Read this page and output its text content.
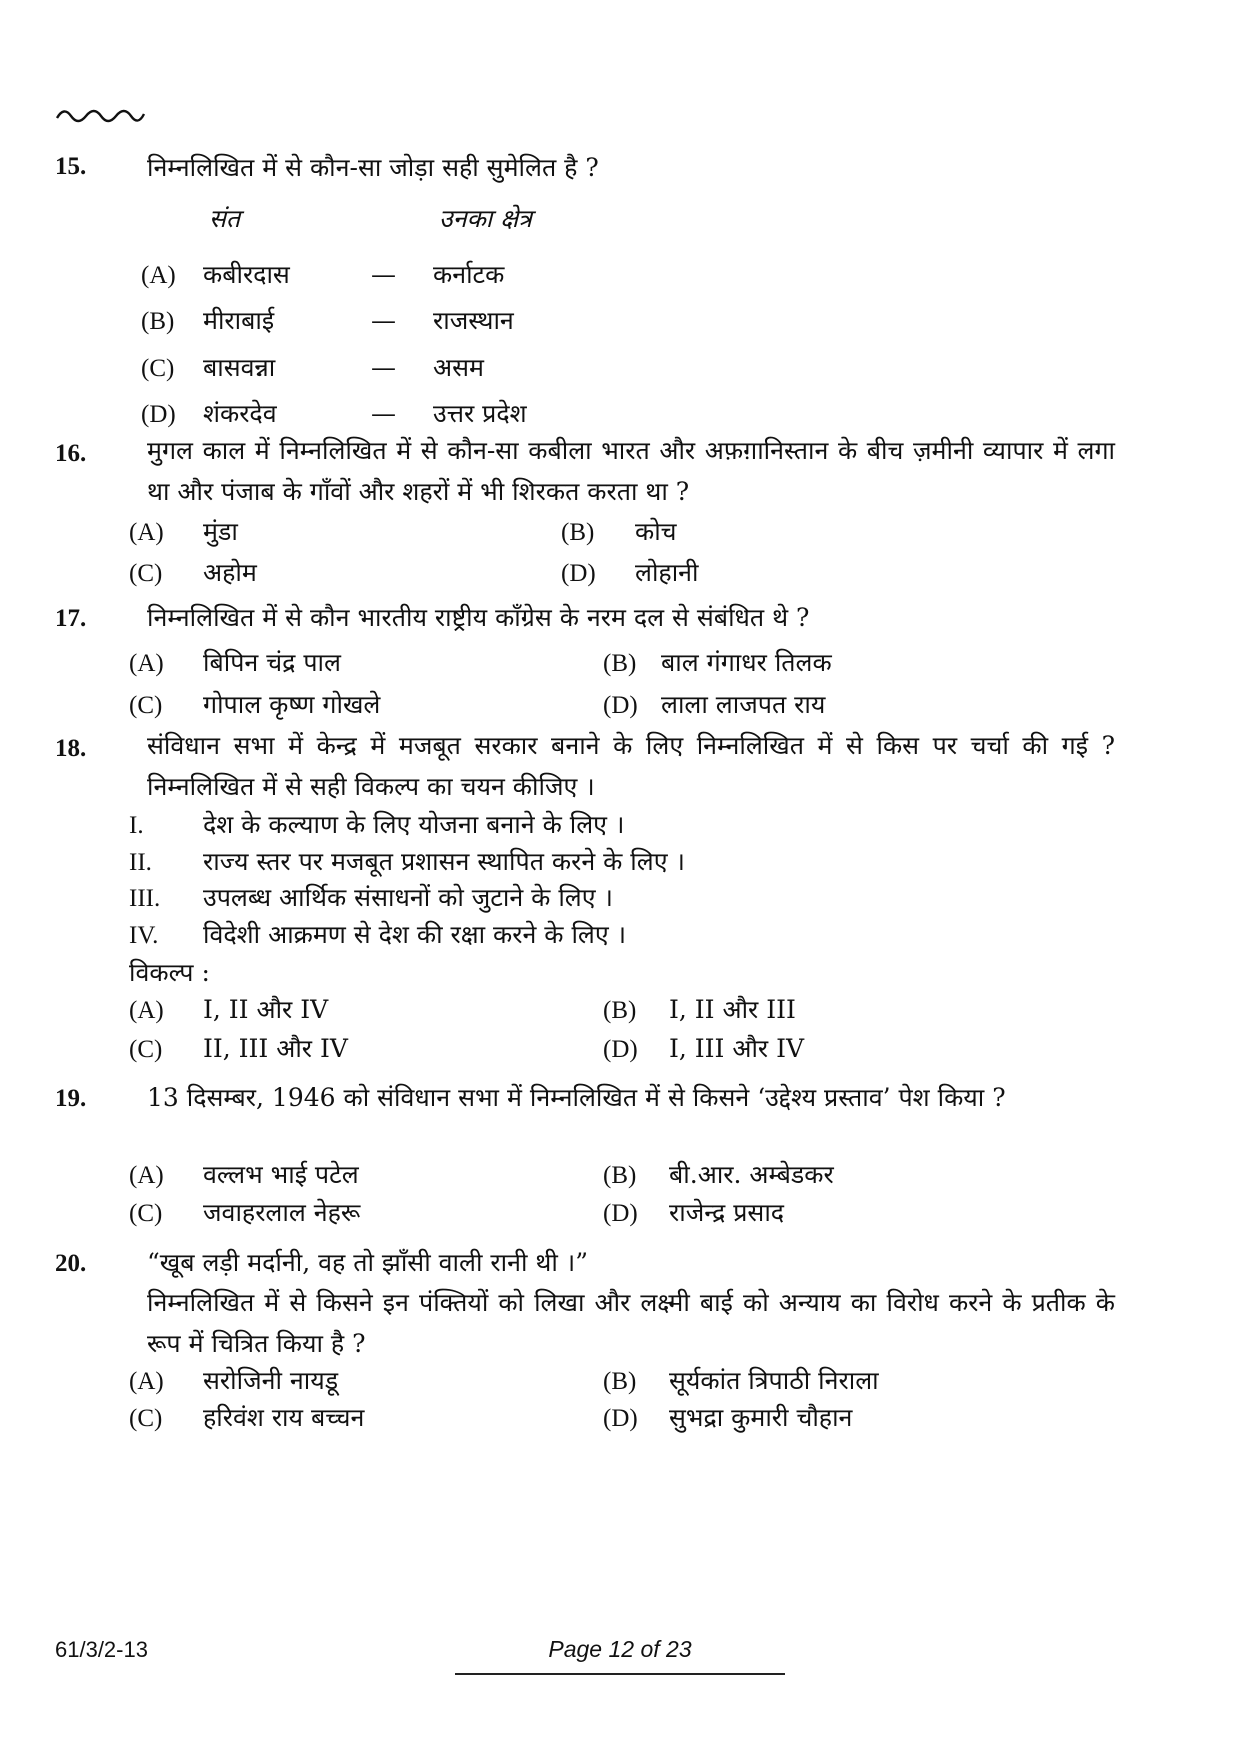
15. निम्नलिखित में से कौन-सा जोड़ा सही सुमेलित है ?
संत	उनका क्षेत्र
(A)	कबीरदास	—	कर्नाटक
(B)	मीराबाई	—	राजस्थान
(C)	बासवन्ना	—	असम
(D)	शंकरदेव	—	उत्तर प्रदेश
16. मुगल काल में निम्नलिखित में से कौन-सा कबीला भारत और अफ़ग़ानिस्तान के बीच ज़मीनी व्यापार में लगा था और पंजाब के गाँवों और शहरों में भी शिरकत करता था ?
(A)	मुंडा	(B)	कोच
(C)	अहोम	(D)	लोहानी
17. निम्नलिखित में से कौन भारतीय राष्ट्रीय काँग्रेस के नरम दल से संबंधित थे ?
(A)	बिपिन चंद्र पाल	(B) बाल गंगाधर तिलक
(C)	गोपाल कृष्ण गोखले	(D) लाला लाजपत राय
18. संविधान सभा में केन्द्र में मजबूत सरकार बनाने के लिए निम्नलिखित में से किस पर चर्चा की गई ? निम्नलिखित में से सही विकल्प का चयन कीजिए ।
I.	देश के कल्याण के लिए योजना बनाने के लिए ।
II.	राज्य स्तर पर मजबूत प्रशासन स्थापित करने के लिए ।
III.	उपलब्ध आर्थिक संसाधनों को जुटाने के लिए ।
IV.	विदेशी आक्रमण से देश की रक्षा करने के लिए ।
विकल्प :
(A)	I, II और IV	(B)	I, II और III
(C)	II, III और IV	(D)	I, III और IV
19. 13 दिसम्बर, 1946 को संविधान सभा में निम्नलिखित में से किसने ‘उद्देश्य प्रस्ताव’ पेश किया ?
(A)	वल्लभ भाई पटेल	(B)	बी.आर. अम्बेडकर
(C)	जवाहरलाल नेहरू	(D)	राजेन्द्र प्रसाद
20. “खूब लड़ी मर्दानी, वह तो झाँसी वाली रानी थी ।”
निम्नलिखित में से किसने इन पंक्तियों को लिखा और लक्ष्मी बाई को अन्याय का विरोध करने के प्रतीक के रूप में चित्रित किया है ?
(A)	सरोजिनी नायडू	(B)	सूर्यकांत त्रिपाठी निराला
(C)	हरिवंश राय बच्चन	(D)	सुभद्रा कुमारी चौहान
61/3/2-13	Page 12 of 23
